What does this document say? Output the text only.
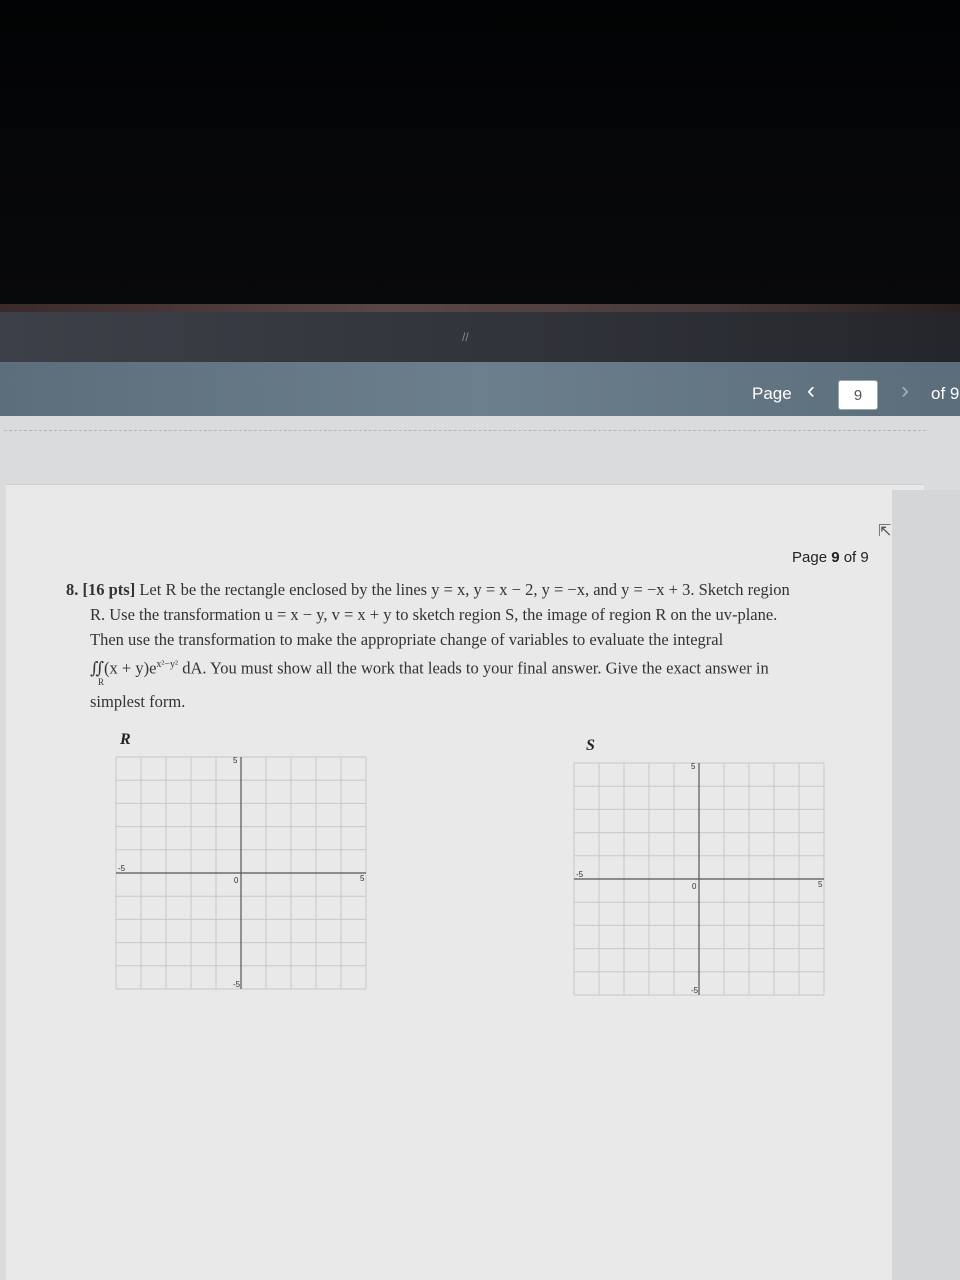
//
Page ‹
9	›	of 9
⇱
Page 9 of 9
8. [16 pts] Let R be the rectangle enclosed by the lines y = x, y = x − 2, y = −x, and y = −x + 3. Sketch region
R. Use the transformation u = x − y, v = x + y to sketch region S, the image of region R on the uv-plane.
Then use the transformation to make the appropriate change of variables to evaluate the integral
∬(x + $y)e^{x^2-y^2}$ dA. You must show all the work that leads to your final answer. Give the exact answer in
R
simplest form.
R
-5
5
5
-5
0
S
-5
5
5
-5
0
